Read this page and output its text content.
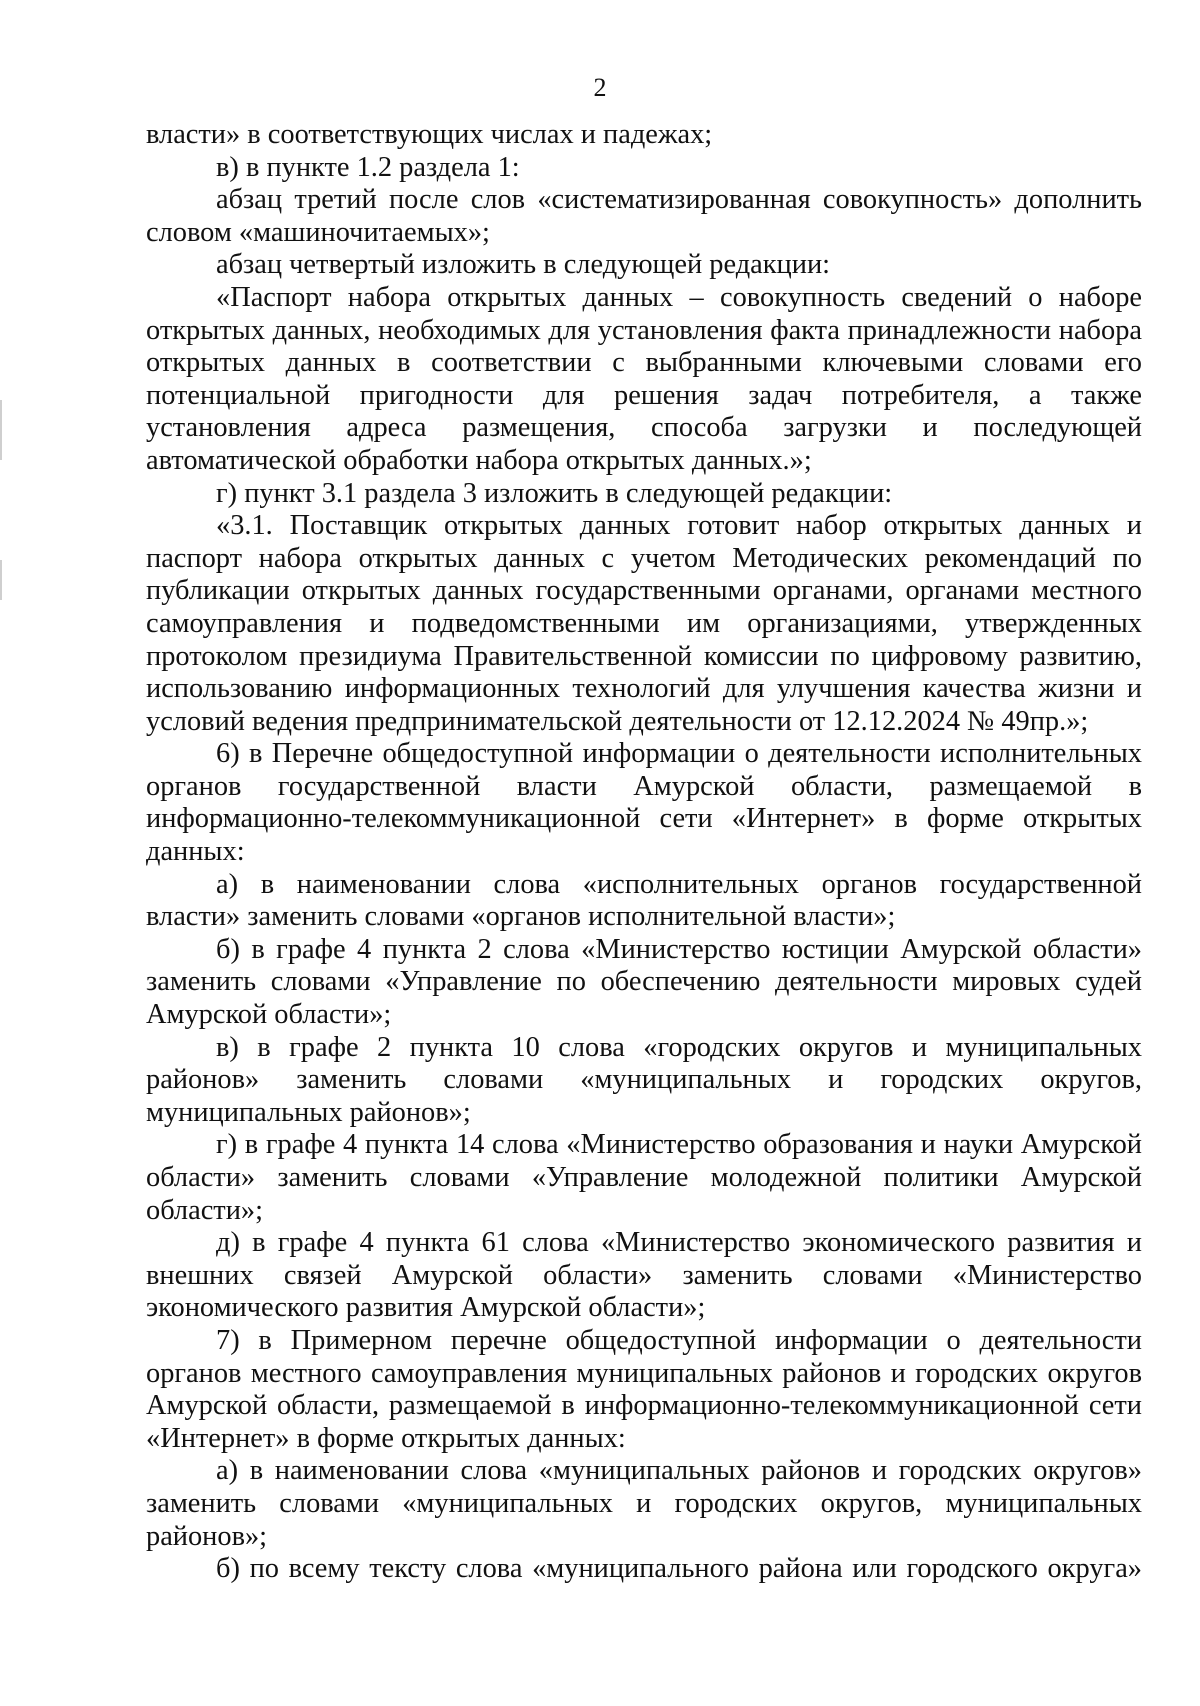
2

власти» в соответствующих числах и падежах;

в) в пункте 1.2 раздела 1:

абзац третий после слов «систематизированная совокупность» дополнить словом «машиночитаемых»;

абзац четвертый изложить в следующей редакции:

«Паспорт набора открытых данных – совокупность сведений о наборе открытых данных, необходимых для установления факта принадлежности набора открытых данных в соответствии с выбранными ключевыми словами его потенциальной пригодности для решения задач потребителя, а также установления адреса размещения, способа загрузки и последующей автоматической обработки набора открытых данных.»;

г) пункт 3.1 раздела 3 изложить в следующей редакции:

«3.1. Поставщик открытых данных готовит набор открытых данных и паспорт набора открытых данных с учетом Методических рекомендаций по публикации открытых данных государственными органами, органами местного самоуправления и подведомственными им организациями, утвержденных протоколом президиума Правительственной комиссии по цифровому развитию, использованию информационных технологий для улучшения качества жизни и условий ведения предпринимательской деятельности от 12.12.2024 № 49пр.»;

6) в Перечне общедоступной информации о деятельности исполнительных органов государственной власти Амурской области, размещаемой в информационно-телекоммуникационной сети «Интернет» в форме открытых данных:

а) в наименовании слова «исполнительных органов государственной власти» заменить словами «органов исполнительной власти»;

б) в графе 4 пункта 2 слова «Министерство юстиции Амурской области» заменить словами «Управление по обеспечению деятельности мировых судей Амурской области»;

в) в графе 2 пункта 10 слова «городских округов и муниципальных районов» заменить словами «муниципальных и городских округов, муниципальных районов»;

г) в графе 4 пункта 14 слова «Министерство образования и науки Амурской области» заменить словами «Управление молодежной политики Амурской области»;

д) в графе 4 пункта 61 слова «Министерство экономического развития и внешних связей Амурской области» заменить словами «Министерство экономического развития Амурской области»;

7) в Примерном перечне общедоступной информации о деятельности органов местного самоуправления муниципальных районов и городских округов Амурской области, размещаемой в информационно-телекоммуникационной сети «Интернет» в форме открытых данных:

а) в наименовании слова «муниципальных районов и городских округов» заменить словами «муниципальных и городских округов, муниципальных районов»;

б) по всему тексту слова «муниципального района или городского округа»
